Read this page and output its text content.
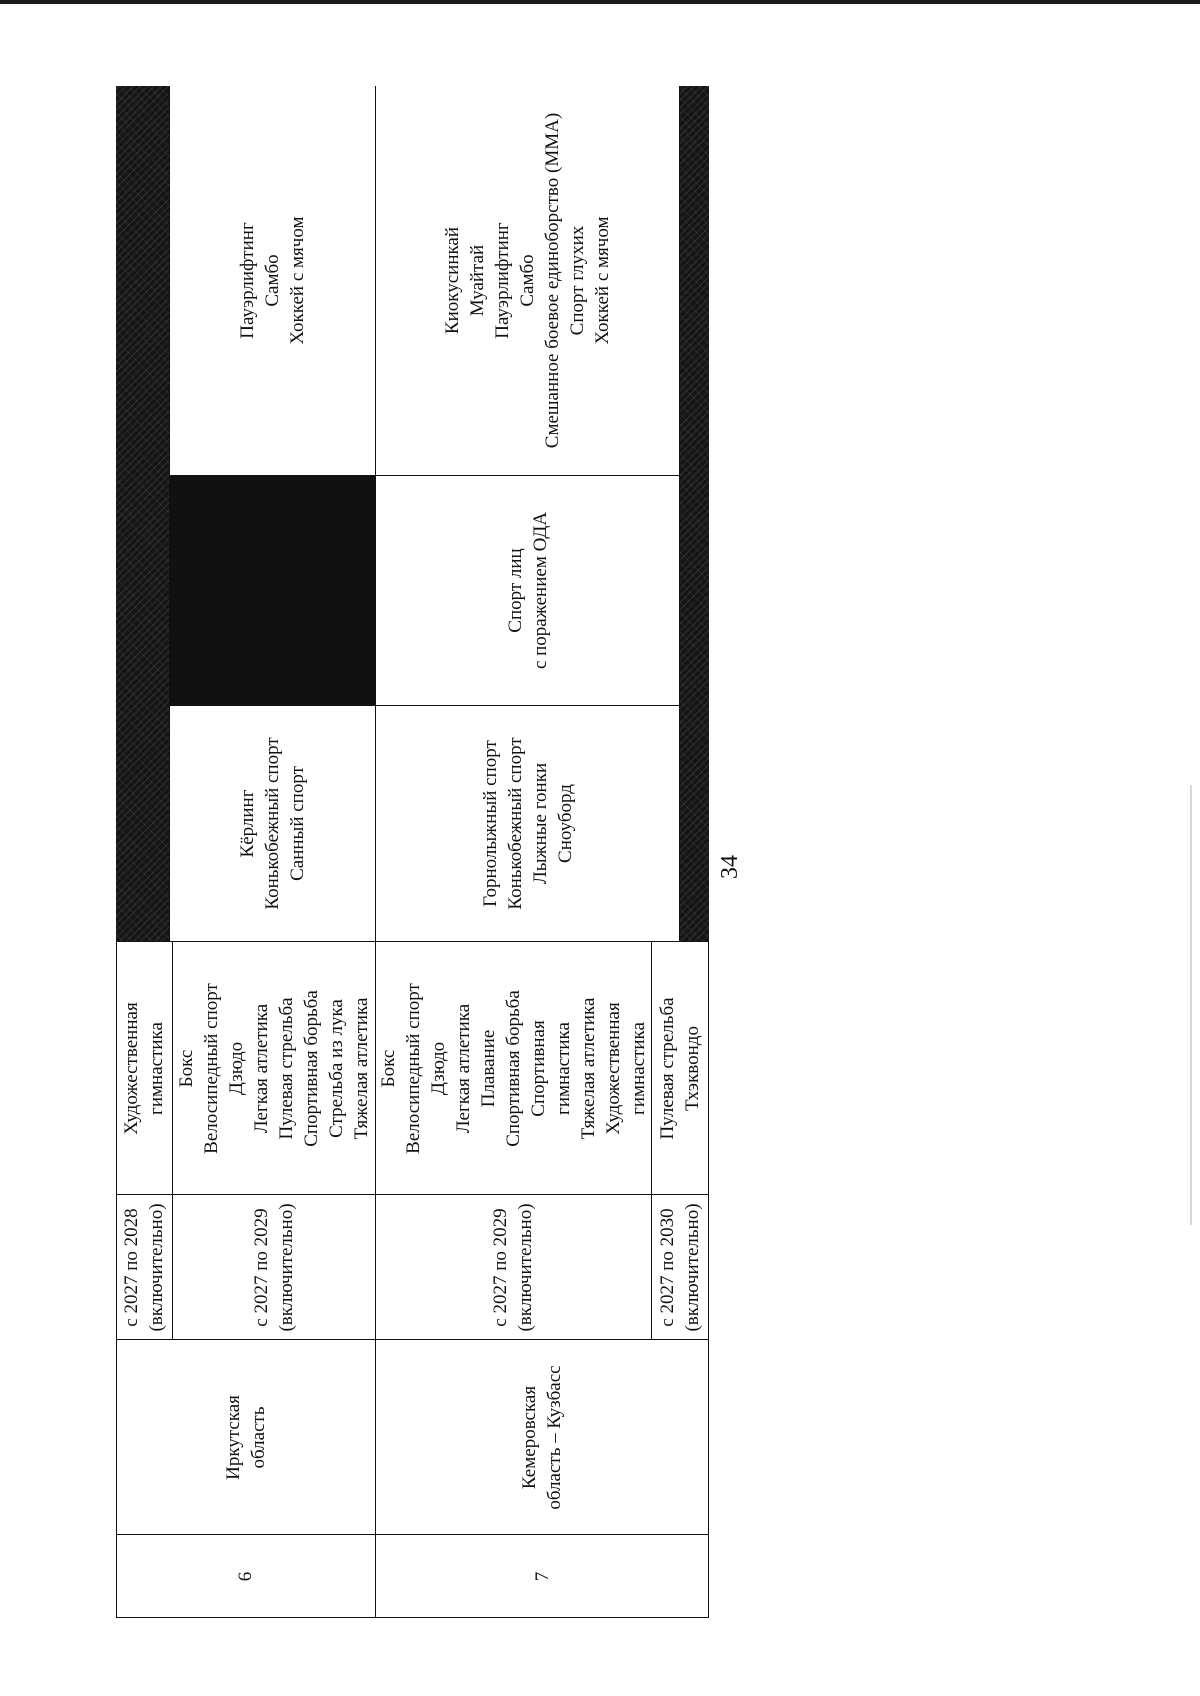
34
Кёрлинг
Конькобежный спорт
Санный спорт
Пауэрлифтинг
Самбо
Хоккей с мячом
Горнолыжный спорт
Конькобежный спорт
Лыжные гонки
Сноуборд
Спорт лиц
с поражением ОДА
Киокусинкай
Муайтай
Пауэрлифтинг
Самбо
Смешанное боевое единоборство (ММА)
Спорт глухих
Хоккей с мячом
6
Иркутская
область
с 2027 по 2028
(включительно)
Художественная
гимнастика
с 2027 по 2029
(включительно)
Бокс
Велосипедный спорт
Дзюдо
Легкая атлетика
Пулевая стрельба
Спортивная борьба
Стрельба из лука
Тяжелая атлетика
7
Кемеровская
область – Кузбасс
с 2027 по 2029
(включительно)
Бокс
Велосипедный спорт
Дзюдо
Легкая атлетика
Плавание
Спортивная борьба
Спортивная
гимнастика
Тяжелая атлетика
Художественная
гимнастика
с 2027 по 2030
(включительно)
Пулевая стрельба
Тхэквондо
